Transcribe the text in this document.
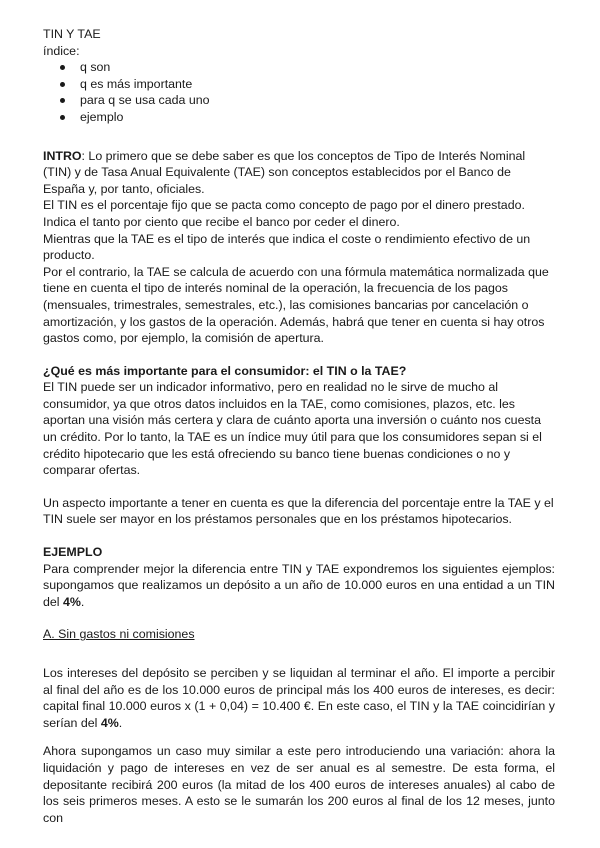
TIN Y TAE

índice:

q son
q es más importante
para q se usa cada uno
ejemplo

INTRO: Lo primero que se debe saber es que los conceptos de Tipo de Interés Nominal (TIN) y de Tasa Anual Equivalente (TAE) son conceptos establecidos por el Banco de España y, por tanto, oficiales.

El TIN es el porcentaje fijo que se pacta como concepto de pago por el dinero prestado. Indica el tanto por ciento que recibe el banco por ceder el dinero.

Mientras que la TAE es el tipo de interés que indica el coste o rendimiento efectivo de un producto.

Por el contrario, la TAE se calcula de acuerdo con una fórmula matemática normalizada que tiene en cuenta el tipo de interés nominal de la operación, la frecuencia de los pagos (mensuales, trimestrales, semestrales, etc.), las comisiones bancarias por cancelación o amortización, y los gastos de la operación. Además, habrá que tener en cuenta si hay otros gastos como, por ejemplo, la comisión de apertura.

¿Qué es más importante para el consumidor: el TIN o la TAE?

El TIN puede ser un indicador informativo, pero en realidad no le sirve de mucho al consumidor, ya que otros datos incluidos en la TAE, como comisiones, plazos, etc. les aportan una visión más certera y clara de cuánto aporta una inversión o cuánto nos cuesta un crédito. Por lo tanto, la TAE es un índice muy útil para que los consumidores sepan si el crédito hipotecario que les está ofreciendo su banco tiene buenas condiciones o no y comparar ofertas.

Un aspecto importante a tener en cuenta es que la diferencia del porcentaje entre la TAE y el TIN suele ser mayor en los préstamos personales que en los préstamos hipotecarios.

EJEMPLO

Para comprender mejor la diferencia entre TIN y TAE expondremos los siguientes ejemplos: supongamos que realizamos un depósito a un año de 10.000 euros en una entidad a un TIN del 4%.

A. Sin gastos ni comisiones

Los intereses del depósito se perciben y se liquidan al terminar el año. El importe a percibir al final del año es de los 10.000 euros de principal más los 400 euros de intereses, es decir: capital final 10.000 euros x (1 + 0,04) = 10.400 €. En este caso, el TIN y la TAE coincidirían y serían del 4%.

Ahora supongamos un caso muy similar a este pero introduciendo una variación: ahora la liquidación y pago de intereses en vez de ser anual es al semestre. De esta forma, el depositante recibirá 200 euros (la mitad de los 400 euros de intereses anuales) al cabo de los seis primeros meses. A esto se le sumarán los 200 euros al final de los 12 meses, junto con
